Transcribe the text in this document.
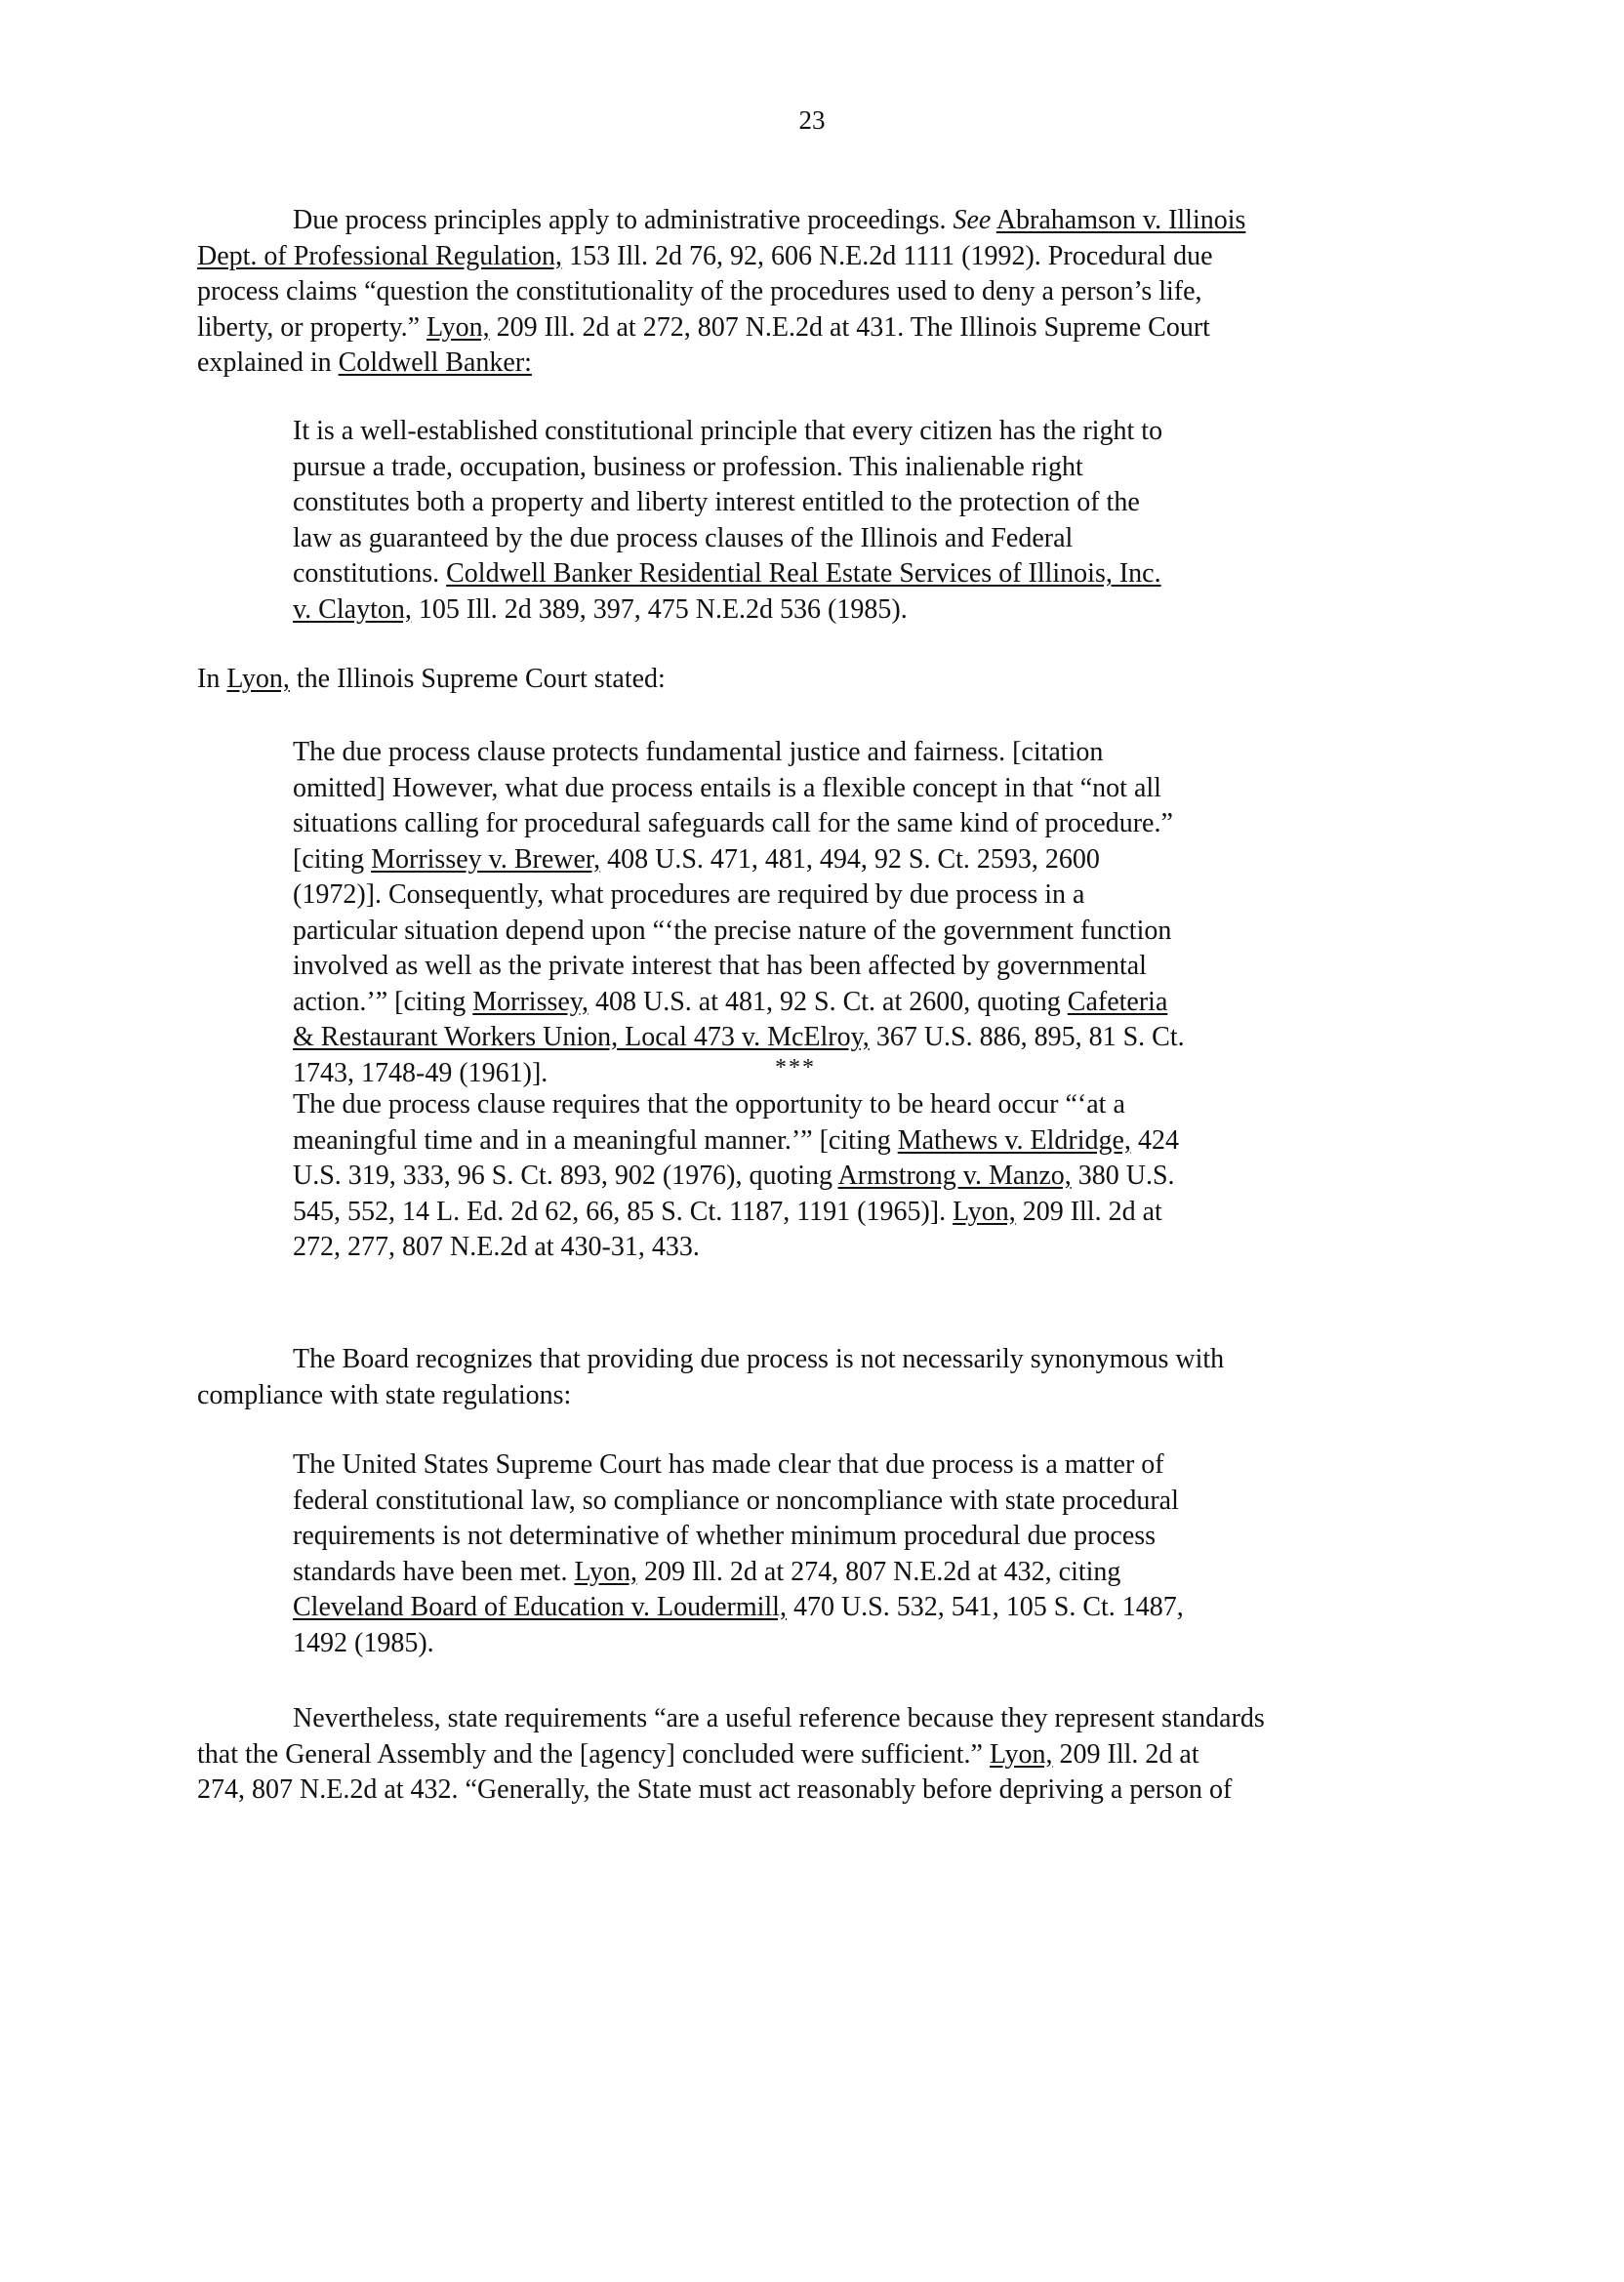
23
Due process principles apply to administrative proceedings. See Abrahamson v. Illinois
Dept. of Professional Regulation, 153 Ill. 2d 76, 92, 606 N.E.2d 1111 (1992). Procedural due
process claims “question the constitutionality of the procedures used to deny a person’s life,
liberty, or property.” Lyon, 209 Ill. 2d at 272, 807 N.E.2d at 431. The Illinois Supreme Court
explained in Coldwell Banker:
It is a well-established constitutional principle that every citizen has the right to
pursue a trade, occupation, business or profession. This inalienable right
constitutes both a property and liberty interest entitled to the protection of the
law as guaranteed by the due process clauses of the Illinois and Federal
constitutions. Coldwell Banker Residential Real Estate Services of Illinois, Inc.
v. Clayton, 105 Ill. 2d 389, 397, 475 N.E.2d 536 (1985).
In Lyon, the Illinois Supreme Court stated:
The due process clause protects fundamental justice and fairness. [citation
omitted] However, what due process entails is a flexible concept in that “not all
situations calling for procedural safeguards call for the same kind of procedure.”
[citing Morrissey v. Brewer, 408 U.S. 471, 481, 494, 92 S. Ct. 2593, 2600
(1972)]. Consequently, what procedures are required by due process in a
particular situation depend upon “‘the precise nature of the government function
involved as well as the private interest that has been affected by governmental
action.’” [citing Morrissey, 408 U.S. at 481, 92 S. Ct. at 2600, quoting Cafeteria
& Restaurant Workers Union, Local 473 v. McElroy, 367 U.S. 886, 895, 81 S. Ct.
1743, 1748-49 (1961)].	***
The due process clause requires that the opportunity to be heard occur “‘at a
meaningful time and in a meaningful manner.’” [citing Mathews v. Eldridge, 424
U.S. 319, 333, 96 S. Ct. 893, 902 (1976), quoting Armstrong v. Manzo, 380 U.S.
545, 552, 14 L. Ed. 2d 62, 66, 85 S. Ct. 1187, 1191 (1965)]. Lyon, 209 Ill. 2d at
272, 277, 807 N.E.2d at 430-31, 433.
The Board recognizes that providing due process is not necessarily synonymous with
compliance with state regulations:
The United States Supreme Court has made clear that due process is a matter of
federal constitutional law, so compliance or noncompliance with state procedural
requirements is not determinative of whether minimum procedural due process
standards have been met. Lyon, 209 Ill. 2d at 274, 807 N.E.2d at 432, citing
Cleveland Board of Education v. Loudermill, 470 U.S. 532, 541, 105 S. Ct. 1487,
1492 (1985).
Nevertheless, state requirements “are a useful reference because they represent standards
that the General Assembly and the [agency] concluded were sufficient.” Lyon, 209 Ill. 2d at
274, 807 N.E.2d at 432. “Generally, the State must act reasonably before depriving a person of
